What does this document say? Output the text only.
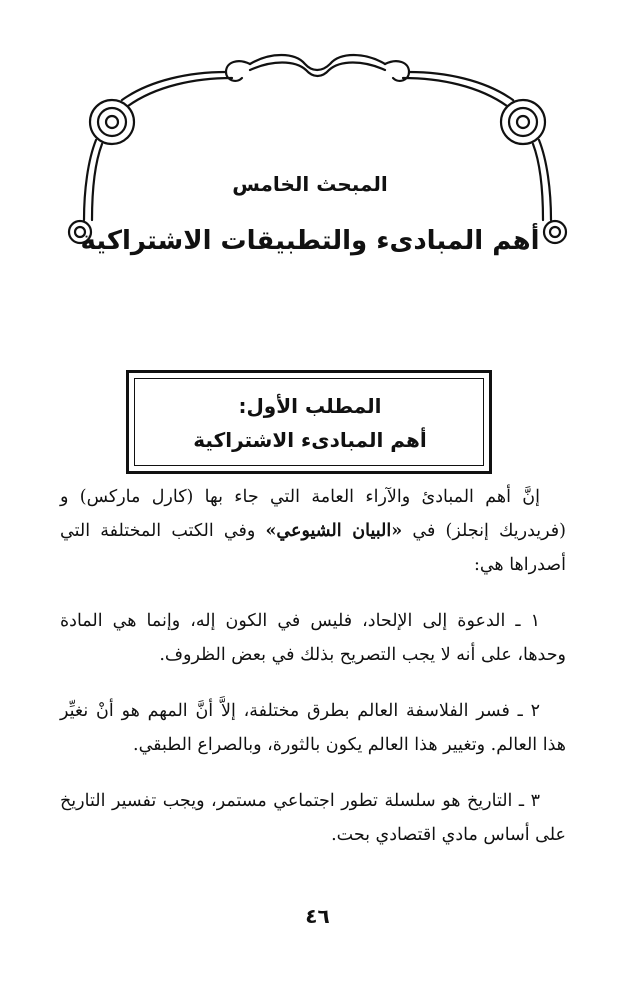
المبحث الخامس
أهم المبادىء والتطبيقات الاشتراكية
المطلب الأول:
أهم المبادىء الاشتراكية

إنَّ أهم المبادئ والآراء العامة التي جاء بها (كارل ماركس) و (فريدريك إنجلز) في «البيان الشيوعي» وفي الكتب المختلفة التي أصدراها هي:

١ ـ الدعوة إلى الإلحاد، فليس في الكون إله، وإنما هي المادة وحدها، على أنه لا يجب التصريح بذلك في بعض الظروف.

٢ ـ فسر الفلاسفة العالم بطرق مختلفة، إلاَّ أنَّ المهم هو أنْ نغيِّر هذا العالم. وتغيير هذا العالم يكون بالثورة، وبالصراع الطبقي.

٣ ـ التاريخ هو سلسلة تطور اجتماعي مستمر، ويجب تفسير التاريخ على أساس مادي اقتصادي بحت.

٤٦
